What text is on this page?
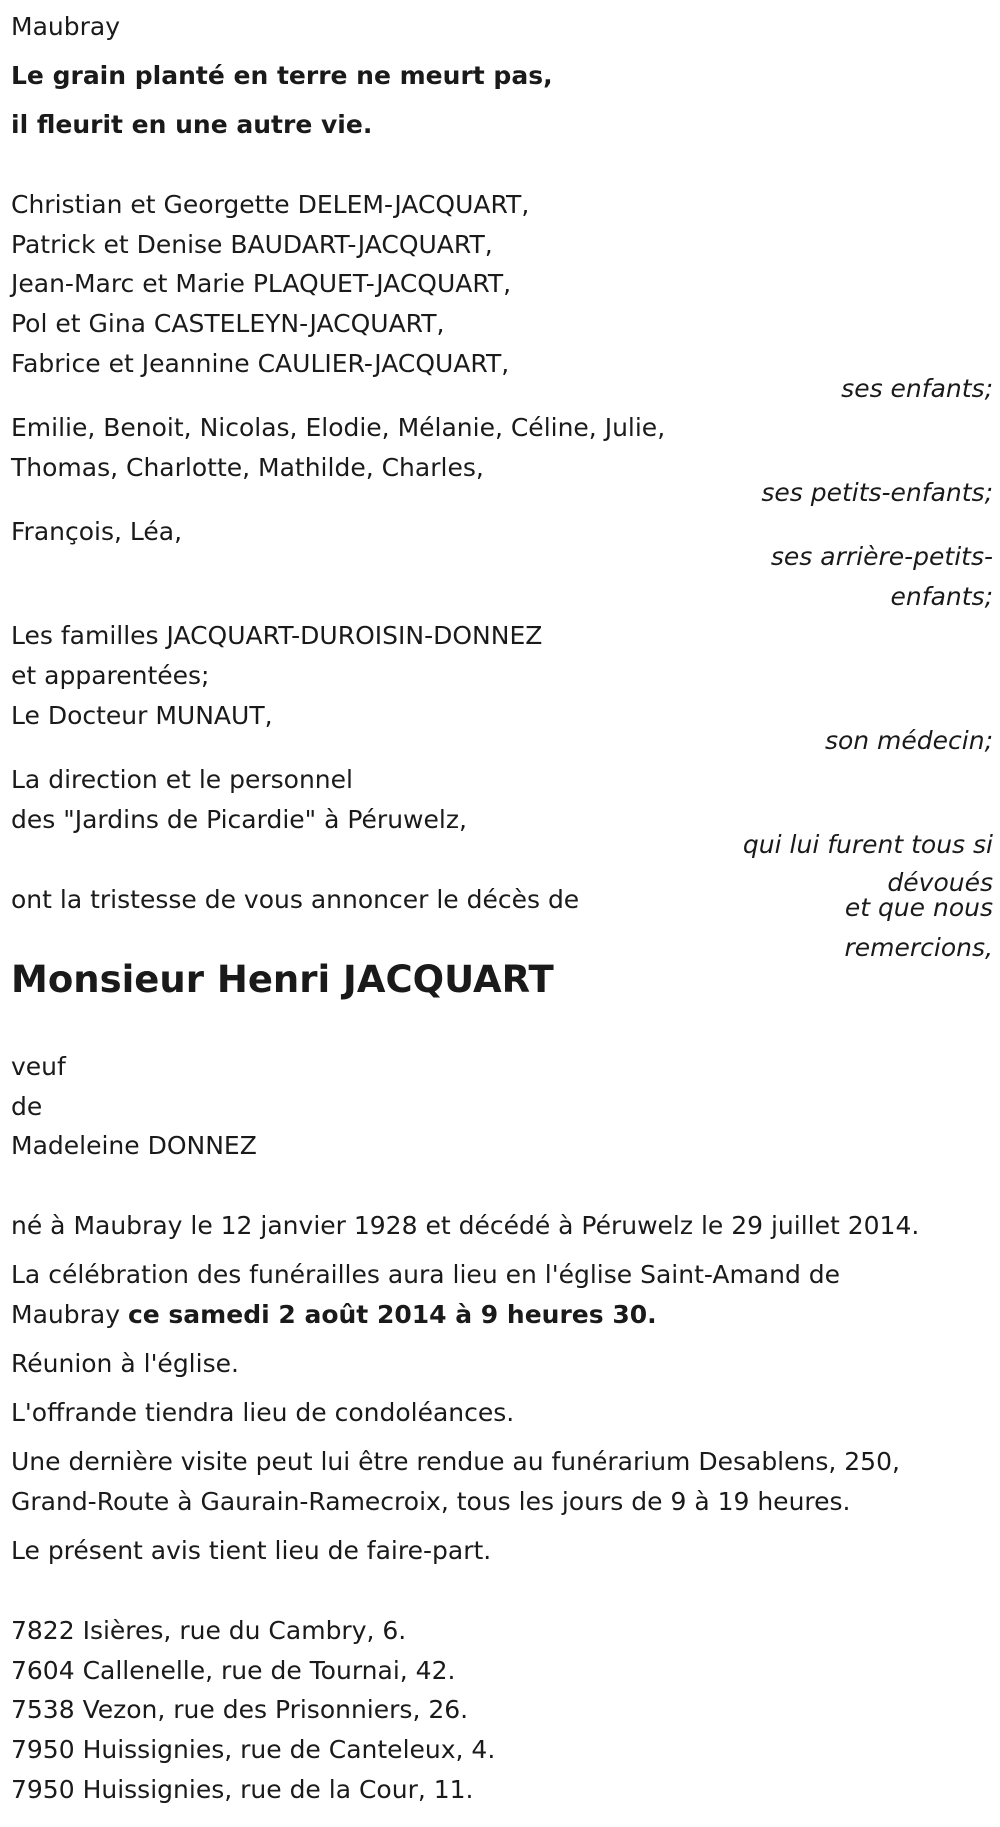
Maubray
Le grain planté en terre ne meurt pas,
il fleurit en une autre vie.
Christian et Georgette DELEM-JACQUART,
Patrick et Denise BAUDART-JACQUART,
Jean-Marc et Marie PLAQUET-JACQUART,
Pol et Gina CASTELEYN-JACQUART,
Fabrice et Jeannine CAULIER-JACQUART,
ses enfants;
Emilie, Benoit, Nicolas, Elodie, Mélanie, Céline, Julie,
Thomas, Charlotte, Mathilde, Charles,
ses petits-enfants;
François, Léa,
ses arrière-petits-
enfants;
Les familles JACQUART-DUROISIN-DONNEZ
et apparentées;
Le Docteur MUNAUT,
son médecin;
La direction et le personnel
des "Jardins de Picardie" à Péruwelz,
qui lui furent tous si
dévoués
et que nous
remercions,
ont la tristesse de vous annoncer le décès de
Monsieur Henri JACQUART
veuf
de
Madeleine DONNEZ
né à Maubray le 12 janvier 1928 et décédé à Péruwelz le 29 juillet 2014.
La célébration des funérailles aura lieu en l'église Saint-Amand de
Maubray ce samedi 2 août 2014 à 9 heures 30.
Réunion à l'église.
L'offrande tiendra lieu de condoléances.
Une dernière visite peut lui être rendue au funérarium Desablens, 250,
Grand-Route à Gaurain-Ramecroix, tous les jours de 9 à 19 heures.
Le présent avis tient lieu de faire-part.
7822 Isières, rue du Cambry, 6.
7604 Callenelle, rue de Tournai, 42.
7538 Vezon, rue des Prisonniers, 26.
7950 Huissignies, rue de Canteleux, 4.
7950 Huissignies, rue de la Cour, 11.
